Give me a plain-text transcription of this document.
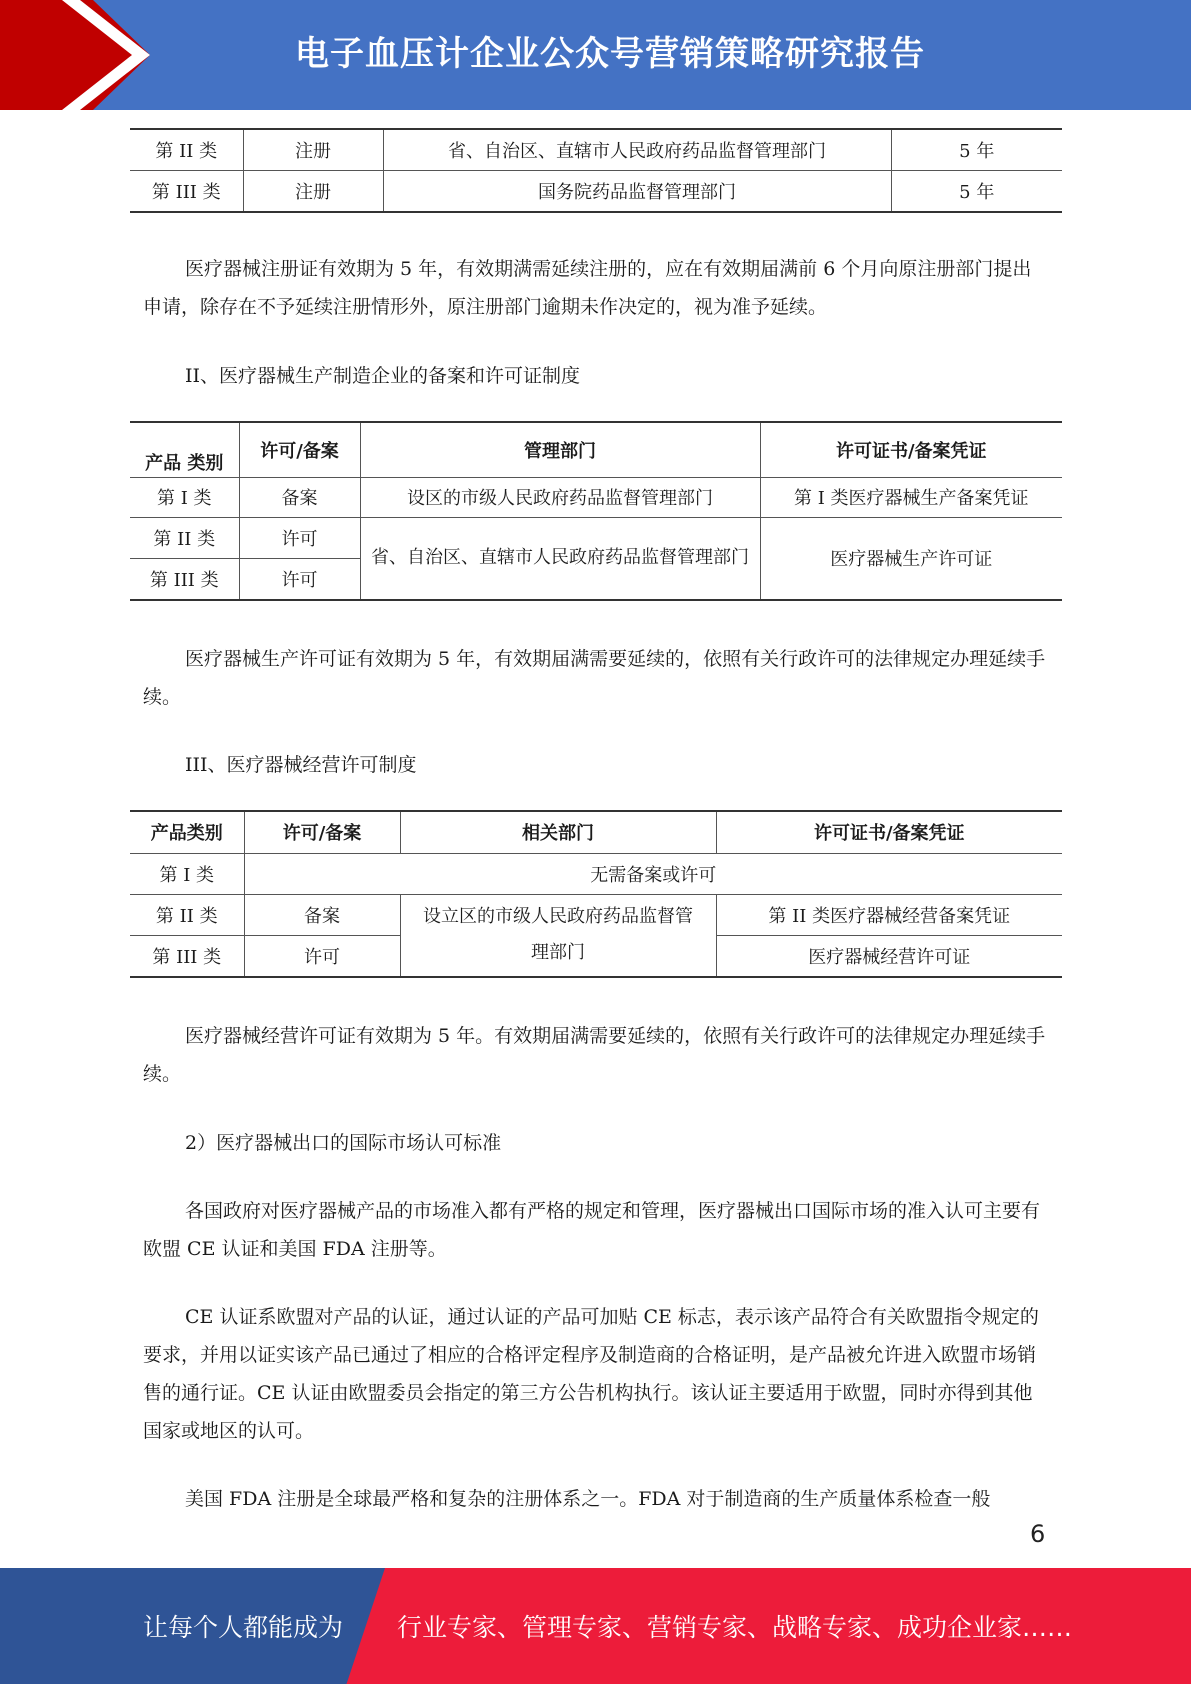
电子血压计企业公众号营销策略研究报告
第 II 类	注册	省、自治区、直辖市人民政府药品监督管理部门	5 年
第 III 类	注册	国务院药品监督管理部门	5 年

医疗器械注册证有效期为 5 年，有效期满需延续注册的，应在有效期届满前 6 个月向原注册部门提出申请，除存在不予延续注册情形外，原注册部门逾期未作决定的，视为准予延续。

II、医疗器械生产制造企业的备案和许可证制度

产品 类别	许可/备案	管理部门	许可证书/备案凭证
第 I 类	备案	设区的市级人民政府药品监督管理部门	第 I 类医疗器械生产备案凭证
第 II 类	许可	省、自治区、直辖市人民政府药品监督管理部门	医疗器械生产许可证
第 III 类	许可		

医疗器械生产许可证有效期为 5 年，有效期届满需要延续的，依照有关行政许可的法律规定办理延续手续。

III、医疗器械经营许可制度

产品类别	许可/备案	相关部门	许可证书/备案凭证
第 I 类	无需备案或许可		
第 II 类	备案	设立区的市级人民政府药品监督管理部门	第 II 类医疗器械经营备案凭证
第 III 类	许可		医疗器械经营许可证

医疗器械经营许可证有效期为 5 年。有效期届满需要延续的，依照有关行政许可的法律规定办理延续手续。

2）医疗器械出口的国际市场认可标准

各国政府对医疗器械产品的市场准入都有严格的规定和管理，医疗器械出口国际市场的准入认可主要有欧盟 CE 认证和美国 FDA 注册等。

CE 认证系欧盟对产品的认证，通过认证的产品可加贴 CE 标志，表示该产品符合有关欧盟指令规定的要求，并用以证实该产品已通过了相应的合格评定程序及制造商的合格证明，是产品被允许进入欧盟市场销售的通行证。CE 认证由欧盟委员会指定的第三方公告机构执行。该认证主要适用于欧盟，同时亦得到其他国家或地区的认可。

美国 FDA 注册是全球最严格和复杂的注册体系之一。FDA 对于制造商的生产质量体系检查一般

6
让每个人都能成为 行业专家、管理专家、营销专家、战略专家、成功企业家……
